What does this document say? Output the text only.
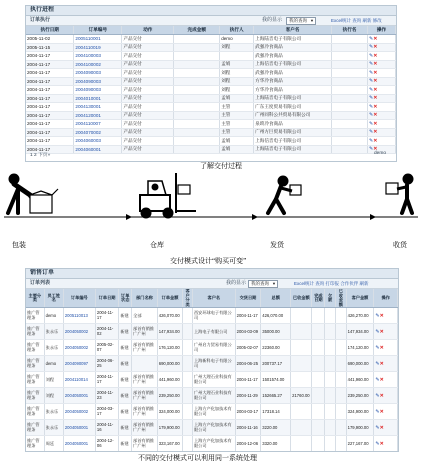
执行进程
订单执行	我的显示	我的查询 ▼	Excel统计 查询 刷新 修改
执行日期	订单编号	动作	完成金额	执行人	客户名	执行名	操作
2005-11-02	2005110001	产品交付		demo	上海陆音电子有限公司		✎✕
2005-11-15	2004110019	产品交付		刘程	武强冷食商品		✎✕
2004-11-17	2004100003	产品交付			武强冷食商品		✎✕
2004-11-17	2004100002	产品交付		孟娟	上海信音电子有限公司		✎✕
2004-11-17	2004090003	产品交付		刘程	武强冷食商品		✎✕
2004-11-17	2004090003	产品交付		刘程	方华冷食商品		✎✕
2004-11-17	2004090003	产品交付		刘程	方华冷食商品		✎✕
2004-11-17	2004010001	产品交付		孟娟	上海陆音电子有限公司		✎✕
2004-11-17	2004130001	产品交付		主管	广东王度贸易有限公司		✎✕
2004-11-17	2004120001	产品交付		主管	广州同科公共贸易有限公司		✎✕
2004-11-17	2004110007	产品交付		主管	泉琐冷食商品		✎✕
2004-11-17	2004070002	产品交付		主管	广州方巨贸易有限公司		✎✕
2004-11-17	2004060003	产品交付		孟娟	上海信音电子有限公司		✎✕
2004-11-17	2004060001	产品交付		孟娟	上海陆音电子有限公司		✎✕
1 2 下页»	demo
了解交付过程
包装	仓库	发货	收货
交付模式设计“购买可变”
销售订单
订单列表	我的显示	我的查询 ▼	Excel统计 查询 打印报 合作伙伴 刷新
主要分类	员工姓名	订单编号	订单日期	订单状态	部门名称	订单金额	客户分类	客户名	交货日期	总额	已收金额	完成日期	欠款	已收金额	客户金额	操作
推广管理条	demo	2005110013	2004-11-17	新建	全部	426,070.00		西安环球电子有限公司	2004-11-17	426,070.00					426,270.00	✎✕
推广管理条	张永乐	2004050002	2004-11-02	新建	部首有销推广广州	147,934.00		上海电子有限公司	2004-03-09	35000.00					147,934.00	✎✕
推广管理条	张永乐	2004050002	2005-02-07	新建	部首有销推广广州	176,120.00		广州启力贸易有限公司	2005-02-07	22360.00					174,120.00	✎✕
推广管理条	demo	2004090097	2004-06-25	新建		690,000.00		上海新科电子有限公司	2004-06-25	200737.17					690,000.00	✎✕
推广管理条	刘程	2004110014	2004-11-17	新建	部首有销推广广州	441,960.00		广州大理石业科技有限公司	2004-11-17	1501574.00					441,960.00	✎✕
推广管理条	刘程	2004050001	2004-11-23	新建	部首有销推广广州	239,250.00		广州大理石业科技有限公司	2004-11-29	152665.27	21760.00				239,250.00	✎✕
推广管理条	张永乐	2004050002	2004-03-17	新建	部首有销推广广州	324,000.00		上海方产化加技术有限公司	2004-03-17	17318.14					324,900.00	✎✕
推广管理条	张永乐	2004050001	2004-11-16	新建	部首有销推广广州	179,900.00		上海方产化加技术有限公司	2004-11-16	3220.00					179,900.00	✎✕
推广管理条	周廷	2004050001	2004-12-06	新建	部首有销推广广州	323,167.00		上海方产化加技术有限公司	2004-12-06	3320.00					227,167.00	✎✕

不同的交付模式可以利用同一系统处理
